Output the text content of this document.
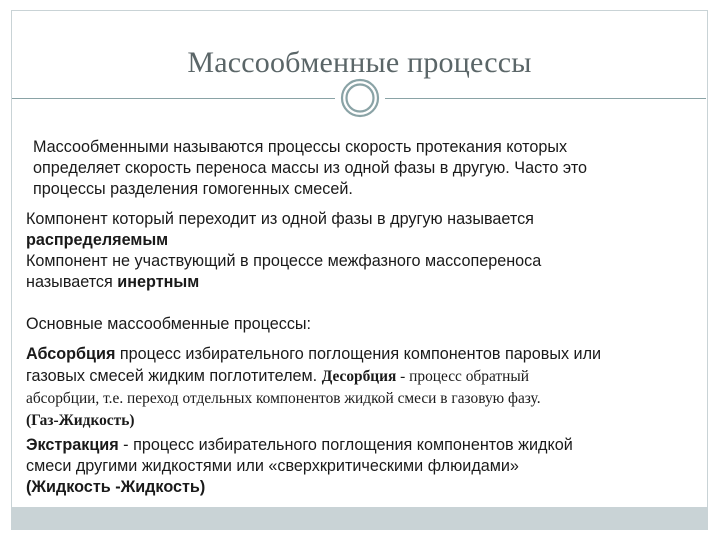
Массообменные процессы
Массообменными называются процессы скорость протекания которых
определяет скорость переноса массы из одной фазы в другую. Часто это
процессы разделения гомогенных смесей.
Компонент который переходит из одной фазы в другую называется
распределяемым
Компонент не участвующий в процессе межфазного массопереноса
называется инертным
Основные массообменные процессы:
Абсорбция процесс избирательного поглощения компонентов паровых или
газовых смесей жидким поглотителем. Десорбция - процесс обратный
абсорбции, т.е. переход отдельных компонентов жидкой смеси в газовую фазу.
(Газ-Жидкость)
Экстракция - процесс избирательного поглощения компонентов жидкой
смеси другими жидкостями или «сверхкритическими флюидами»
(Жидкость -Жидкость)
